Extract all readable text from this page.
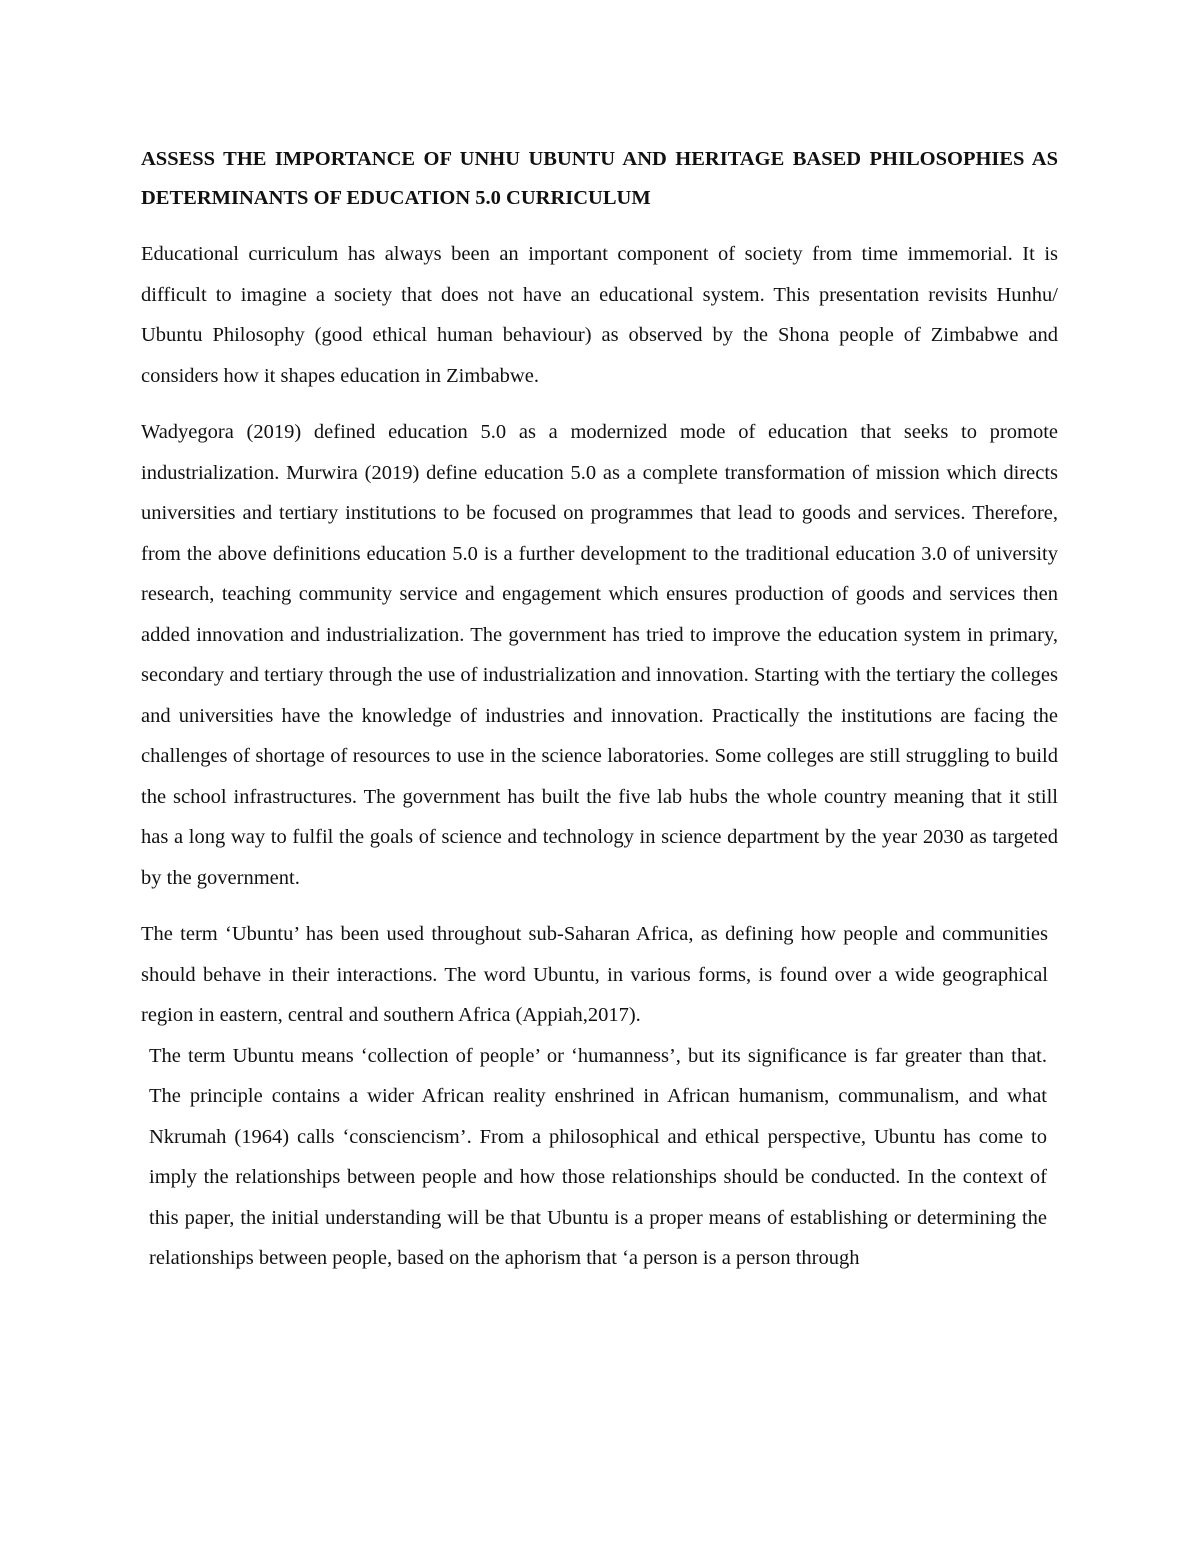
ASSESS THE IMPORTANCE OF UNHU UBUNTU AND HERITAGE BASED PHILOSOPHIES AS DETERMINANTS OF EDUCATION 5.0 CURRICULUM

Educational curriculum has always been an important component of society from time immemorial. It is difficult to imagine a society that does not have an educational system. This presentation revisits Hunhu/ Ubuntu Philosophy (good ethical human behaviour) as observed by the Shona people of Zimbabwe and considers how it shapes education in Zimbabwe.

Wadyegora (2019) defined education 5.0 as a modernized mode of education that seeks to promote industrialization. Murwira (2019) define education 5.0 as a complete transformation of mission which directs universities and tertiary institutions to be focused on programmes that lead to goods and services. Therefore, from the above definitions education 5.0 is a further development to the traditional education 3.0 of university research, teaching community service and engagement which ensures production of goods and services then added innovation and industrialization. The government has tried to improve the education system in primary, secondary and tertiary through the use of industrialization and innovation. Starting with the tertiary the colleges and universities have the knowledge of industries and innovation. Practically the institutions are facing the challenges of shortage of resources to use in the science laboratories. Some colleges are still struggling to build the school infrastructures. The government has built the five lab hubs the whole country meaning that it still has a long way to fulfil the goals of science and technology in science department by the year 2030 as targeted by the government.

The term ‘Ubuntu’ has been used throughout sub-Saharan Africa, as defining how people and communities should behave in their interactions. The word Ubuntu, in various forms, is found over a wide geographical region in eastern, central and southern Africa (Appiah,2017).

The term Ubuntu means ‘collection of people’ or ‘humanness’, but its significance is far greater than that. The principle contains a wider African reality enshrined in African humanism, communalism, and what Nkrumah (1964) calls ‘consciencism’. From a philosophical and ethical perspective, Ubuntu has come to imply the relationships between people and how those relationships should be conducted. In the context of this paper, the initial understanding will be that Ubuntu is a proper means of establishing or determining the relationships between people, based on the aphorism that ‘a person is a person through
